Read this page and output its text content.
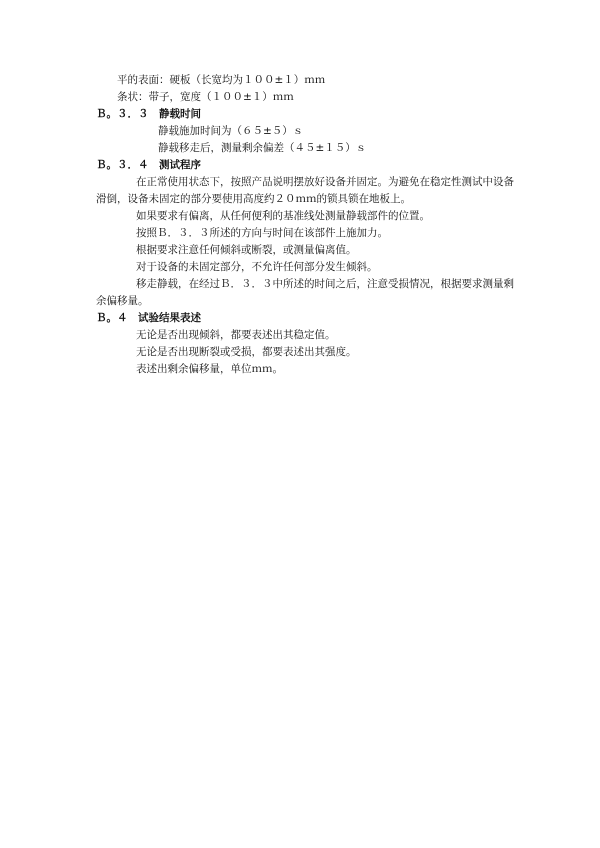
平的表面：硬板（长宽均为１００±１）ｍｍ
条状：带子，宽度（１００±１）ｍｍ
Ｂ。３．３　静载时间
静载施加时间为（６５±５）ｓ
静载移走后，测量剩余偏差（４５±１５）ｓ
Ｂ。３．４　测试程序
在正常使用状态下，按照产品说明摆放好设备并固定。为避免在稳定性测试中设备
滑倒，设备未固定的部分要使用高度约２０ｍｍ的锁具锁在地板上。
如果要求有偏离，从任何便利的基准线处测量静载部件的位置。
按照Ｂ．３．３所述的方向与时间在该部件上施加力。
根据要求注意任何倾斜或断裂，或测量偏离值。
对于设备的未固定部分，不允许任何部分发生倾斜。
移走静载，在经过Ｂ．３．３中所述的时间之后，注意受损情况，根据要求测量剩
余偏移量。
Ｂ。４　试验结果表述
无论是否出现倾斜，都要表述出其稳定值。
无论是否出现断裂或受损，都要表述出其强度。
表述出剩余偏移量，单位ｍｍ。
